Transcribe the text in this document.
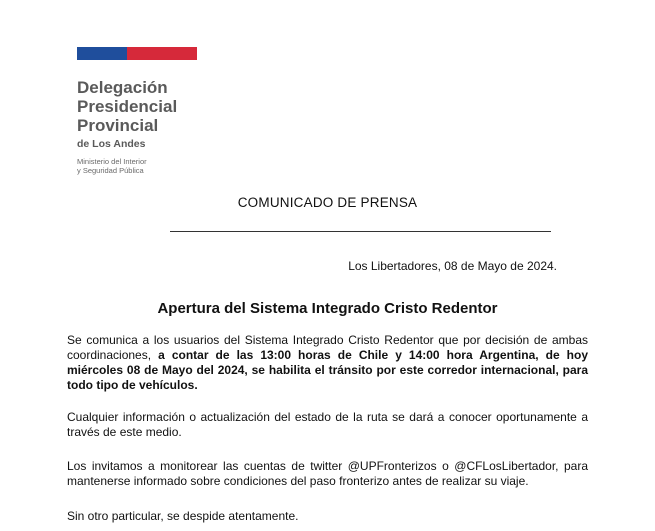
Delegación
Presidencial
Provincial
de Los Andes
Ministerio del Interior
y Seguridad Pública
COMUNICADO DE PRENSA
Los Libertadores, 08 de Mayo de 2024.
Apertura del Sistema Integrado Cristo Redentor
Se comunica a los usuarios del Sistema Integrado Cristo Redentor que por decisión de ambas coordinaciones, a contar de las 13:00 horas de Chile y 14:00 hora Argentina, de hoy miércoles 08 de Mayo del 2024, se habilita el tránsito por este corredor internacional, para todo tipo de vehículos.
Cualquier información o actualización del estado de la ruta se dará a conocer oportunamente a través de este medio.
Los invitamos a monitorear las cuentas de twitter @UPFronterizos o @CFLosLibertador, para mantenerse informado sobre condiciones del paso fronterizo antes de realizar su viaje.
Sin otro particular, se despide atentamente.
